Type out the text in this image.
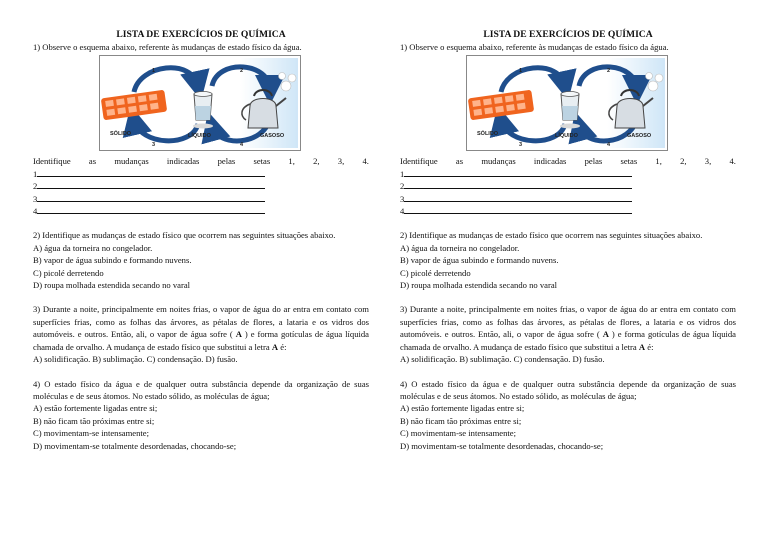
LISTA DE EXERCÍCIOS DE QUÍMICA

1) Observe o esquema abaixo, referente às mudanças de estado físico da água.

1	2
3	4
SÓLIDO	LÍQUIDO	GASOSO
Identifique as mudanças indicadas pelas setas 1, 2, 3, 4.

1

2

3

4

2) Identifique as mudanças de estado físico que ocorrem nas seguintes situações abaixo.

A) água da torneira no congelador.

B) vapor de água subindo e formando nuvens.

C) picolé derretendo

D) roupa molhada estendida secando no varal

3) Durante a noite, principalmente em noites frias, o vapor de água do ar entra em contato com superfícies frias, como as folhas das árvores, as pétalas de flores, a lataria e os vidros dos automóveis. e outros. Então, ali, o vapor de água sofre ( A ) e forma gotículas de água líquida chamada de orvalho. A mudança de estado físico que substitui a letra A é:

A) solidificação. B) sublimação. C) condensação. D) fusão.

4) O estado físico da água e de qualquer outra substância depende da organização de suas moléculas e de seus átomos. No estado sólido, as moléculas de água;

A) estão fortemente ligadas entre si;

B) não ficam tão próximas entre si;

C) movimentam-se intensamente;

D) movimentam-se totalmente desordenadas, chocando-se;

LISTA DE EXERCÍCIOS DE QUÍMICA

1) Observe o esquema abaixo, referente às mudanças de estado físico da água.

1	2
3	4
SÓLIDO	LÍQUIDO	GASOSO
Identifique as mudanças indicadas pelas setas 1, 2, 3, 4.

1

2

3

4

2) Identifique as mudanças de estado físico que ocorrem nas seguintes situações abaixo.

A) água da torneira no congelador.

B) vapor de água subindo e formando nuvens.

C) picolé derretendo

D) roupa molhada estendida secando no varal

3) Durante a noite, principalmente em noites frias, o vapor de água do ar entra em contato com superfícies frias, como as folhas das árvores, as pétalas de flores, a lataria e os vidros dos automóveis. e outros. Então, ali, o vapor de água sofre ( A ) e forma gotículas de água líquida chamada de orvalho. A mudança de estado físico que substitui a letra A é:

A) solidificação. B) sublimação. C) condensação. D) fusão.

4) O estado físico da água e de qualquer outra substância depende da organização de suas moléculas e de seus átomos. No estado sólido, as moléculas de água;

A) estão fortemente ligadas entre si;

B) não ficam tão próximas entre si;

C) movimentam-se intensamente;

D) movimentam-se totalmente desordenadas, chocando-se;
